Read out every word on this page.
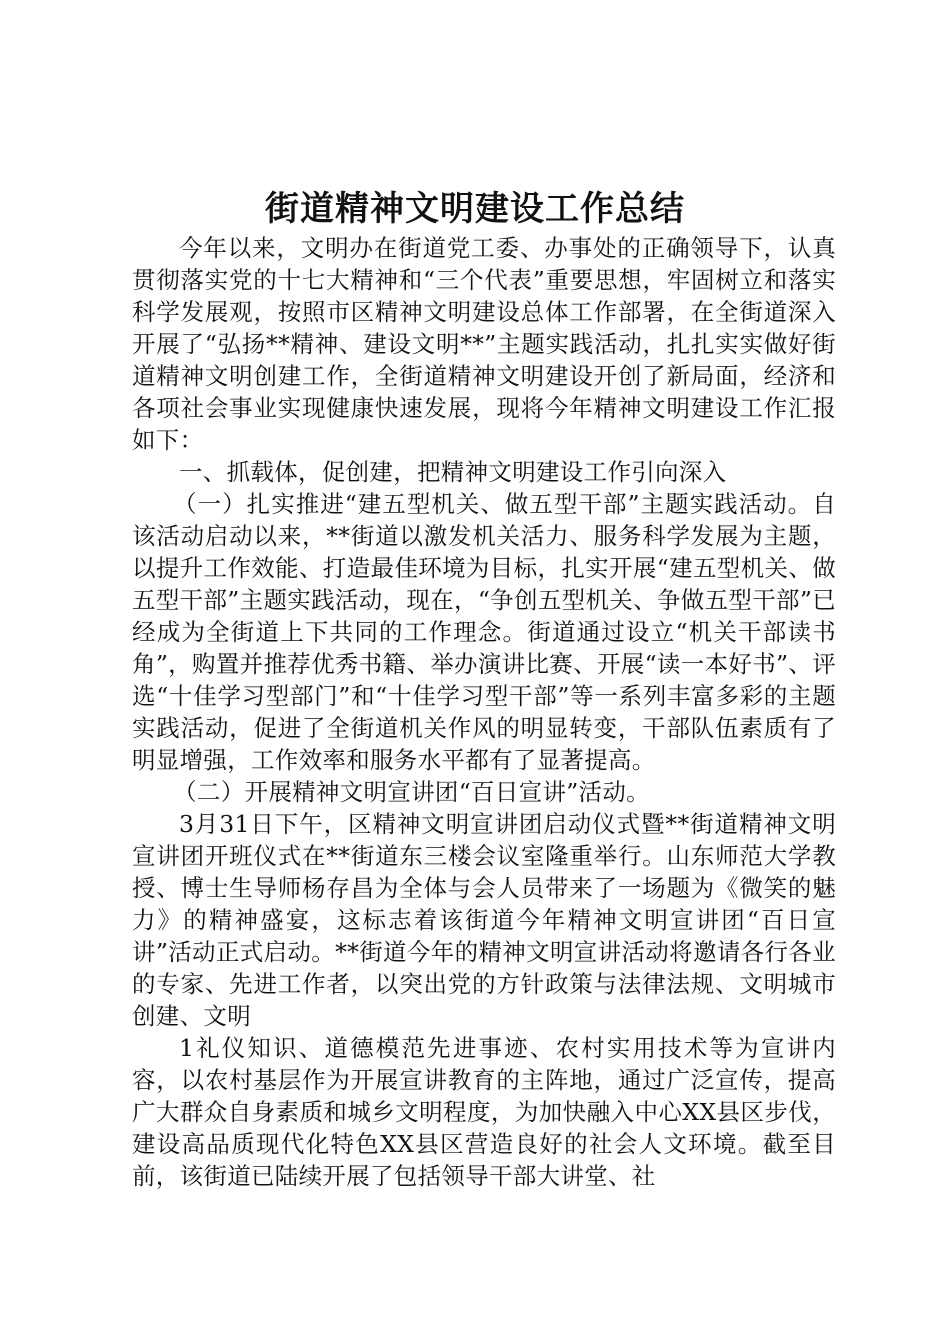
街道精神文明建设工作总结

今年以来，文明办在街道党工委、办事处的正确领导下，认真贯彻落实党的十七大精神和“三个代表”重要思想，牢固树立和落实科学发展观，按照市区精神文明建设总体工作部署，在全街道深入开展了“弘扬**精神、建设文明**”主题实践活动，扎扎实实做好街道精神文明创建工作，全街道精神文明建设开创了新局面，经济和各项社会事业实现健康快速发展，现将今年精神文明建设工作汇报如下：

一、抓载体，促创建，把精神文明建设工作引向深入

（一）扎实推进“建五型机关、做五型干部”主题实践活动。自该活动启动以来，**街道以激发机关活力、服务科学发展为主题，以提升工作效能、打造最佳环境为目标，扎实开展“建五型机关、做五型干部”主题实践活动，现在，“争创五型机关、争做五型干部”已经成为全街道上下共同的工作理念。街道通过设立“机关干部读书角”，购置并推荐优秀书籍、举办演讲比赛、开展“读一本好书”、评选“十佳学习型部门”和“十佳学习型干部”等一系列丰富多彩的主题实践活动，促进了全街道机关作风的明显转变，干部队伍素质有了明显增强，工作效率和服务水平都有了显著提高。

（二）开展精神文明宣讲团“百日宣讲”活动。

3月31日下午，区精神文明宣讲团启动仪式暨**街道精神文明宣讲团开班仪式在**街道东三楼会议室隆重举行。山东师范大学教授、博士生导师杨存昌为全体与会人员带来了一场题为《微笑的魅力》的精神盛宴，这标志着该街道今年精神文明宣讲团“百日宣讲”活动正式启动。**街道今年的精神文明宣讲活动将邀请各行各业的专家、先进工作者，以突出党的方针政策与法律法规、文明城市创建、文明

1礼仪知识、道德模范先进事迹、农村实用技术等为宣讲内容，以农村基层作为开展宣讲教育的主阵地，通过广泛宣传，提高广大群众自身素质和城乡文明程度，为加快融入中心XX县区步伐，建设高品质现代化特色XX县区营造良好的社会人文环境。截至目前，该街道已陆续开展了包括领导干部大讲堂、社
